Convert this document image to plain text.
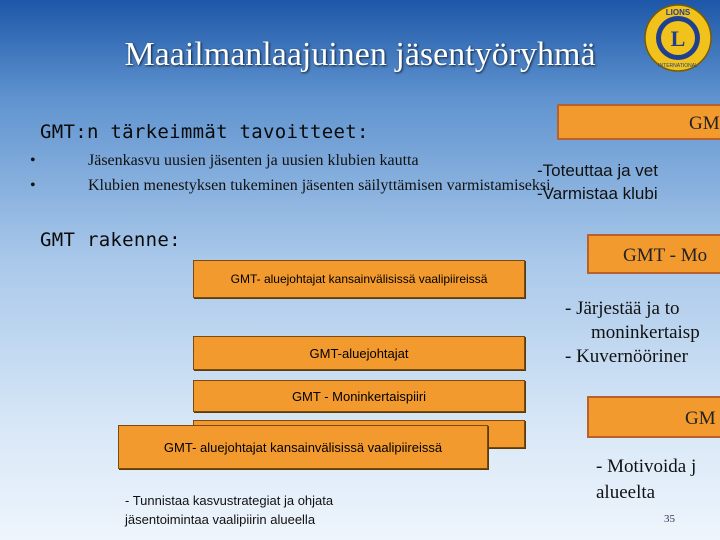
Maailmanlaajuinen jäsentyöryhmä	L
LIONS
INTERNATIONAL
GMT:n tärkeimmät tavoitteet:
•	Jäsenkasvu uusien jäsenten ja uusien klubien kautta
•	Klubien menestyksen tukeminen jäsenten säilyttämisen varmistamiseksi
GMT rakenne:
GMT- aluejohtajat kansainvälisissä vaalipiireissä
GMT-aluejohtajat
GMT - Moninkertaispiiri
GMT- aluejohtajat kansainvälisissä vaalipiireissä
- Tunnistaa kasvustrategiat ja ohjata jäsentoimintaa vaalipiirin alueella
GM
-Toteuttaa ja vet
-Varmistaa klubi
GMT - Mo
- Järjestää ja to
moninkertaisp
- Kuvernööriner
GM
- Motivoida j
alueelta
35
